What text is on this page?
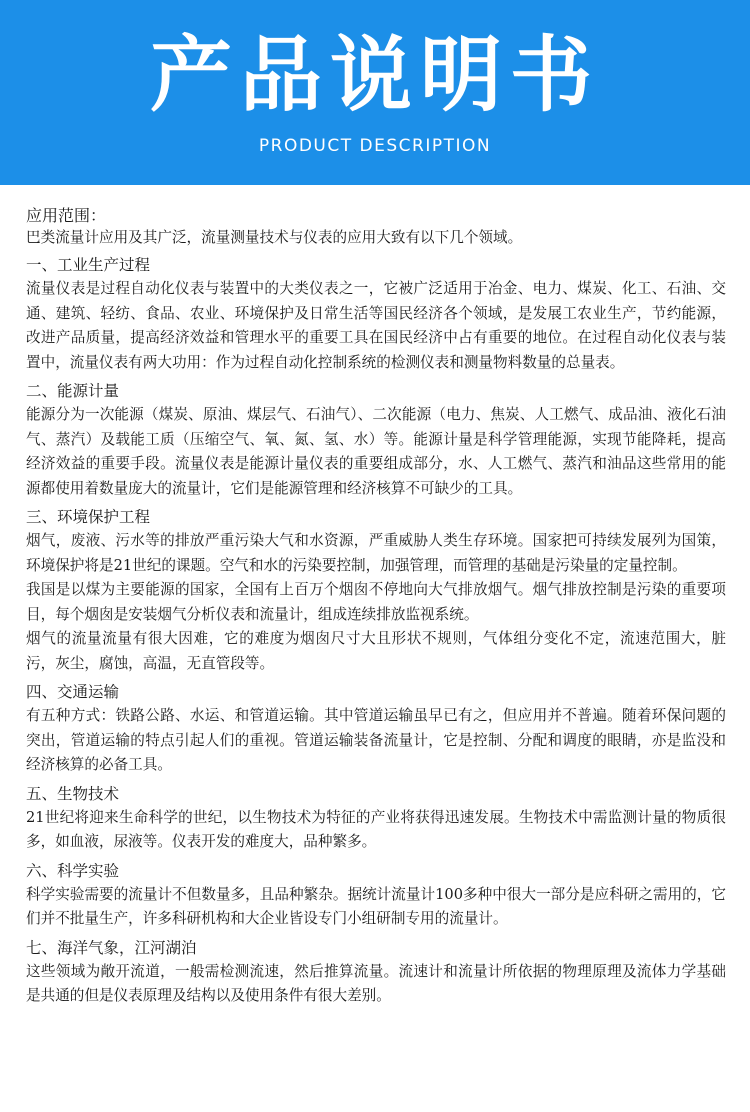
产品说明书
PRODUCT DESCRIPTION

应用范围：

巴类流量计应用及其广泛，流量测量技术与仪表的应用大致有以下几个领域。

一、工业生产过程

流量仪表是过程自动化仪表与装置中的大类仪表之一，它被广泛适用于冶金、电力、煤炭、化工、石油、交通、建筑、轻纺、食品、农业、环境保护及日常生活等国民经济各个领域，是发展工农业生产，节约能源，改进产品质量，提高经济效益和管理水平的重要工具在国民经济中占有重要的地位。在过程自动化仪表与装置中，流量仪表有两大功用：作为过程自动化控制系统的检测仪表和测量物料数量的总量表。

二、能源计量

能源分为一次能源（煤炭、原油、煤层气、石油气）、二次能源（电力、焦炭、人工燃气、成品油、液化石油气、蒸汽）及载能工质（压缩空气、氧、氮、氢、水）等。能源计量是科学管理能源，实现节能降耗，提高经济效益的重要手段。流量仪表是能源计量仪表的重要组成部分，水、人工燃气、蒸汽和油品这些常用的能源都使用着数量庞大的流量计，它们是能源管理和经济核算不可缺少的工具。

三、环境保护工程

烟气，废液、污水等的排放严重污染大气和水资源，严重威胁人类生存环境。国家把可持续发展列为国策，环境保护将是21世纪的课题。空气和水的污染要控制，加强管理，而管理的基础是污染量的定量控制。

我国是以煤为主要能源的国家，全国有上百万个烟囱不停地向大气排放烟气。烟气排放控制是污染的重要项目，每个烟囱是安装烟气分析仪表和流量计，组成连续排放监视系统。

烟气的流量流量有很大因难，它的难度为烟囱尺寸大且形状不规则，气体组分变化不定，流速范围大，脏污，灰尘，腐蚀，高温，无直管段等。

四、交通运输

有五种方式：铁路公路、水运、和管道运输。其中管道运输虽早已有之，但应用并不普遍。随着环保问题的突出，管道运输的特点引起人们的重视。管道运输装备流量计，它是控制、分配和调度的眼睛，亦是监没和经济核算的必备工具。

五、生物技术

21世纪将迎来生命科学的世纪，以生物技术为特征的产业将获得迅速发展。生物技术中需监测计量的物质很多，如血液，尿液等。仪表开发的难度大，品种繁多。

六、科学实验

科学实验需要的流量计不但数量多，且品种繁杂。据统计流量计100多种中很大一部分是应科研之需用的，它们并不批量生产，许多科研机构和大企业皆设专门小组研制专用的流量计。

七、海洋气象，江河湖泊

这些领域为敞开流道，一般需检测流速，然后推算流量。流速计和流量计所依据的物理原理及流体力学基础是共通的但是仪表原理及结构以及使用条件有很大差别。
